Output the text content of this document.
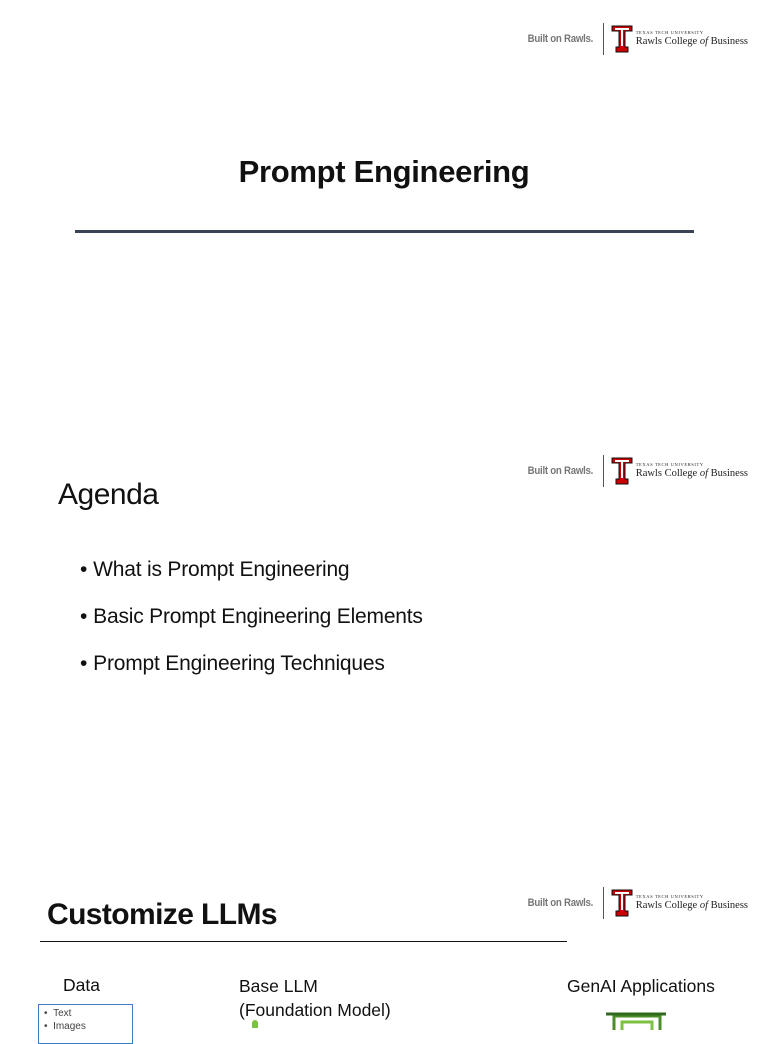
Built on Rawls.
TEXAS TECH UNIVERSITY
Rawls College of Business
Prompt Engineering
Built on Rawls.
TEXAS TECH UNIVERSITY
Rawls College of Business
Agenda
• What is Prompt Engineering
• Basic Prompt Engineering Elements
• Prompt Engineering Techniques
Built on Rawls.
TEXAS TECH UNIVERSITY
Rawls College of Business
Customize LLMs
Data	Base LLM
(Foundation Model)
GenAI Applications
•  Text
•  Images
